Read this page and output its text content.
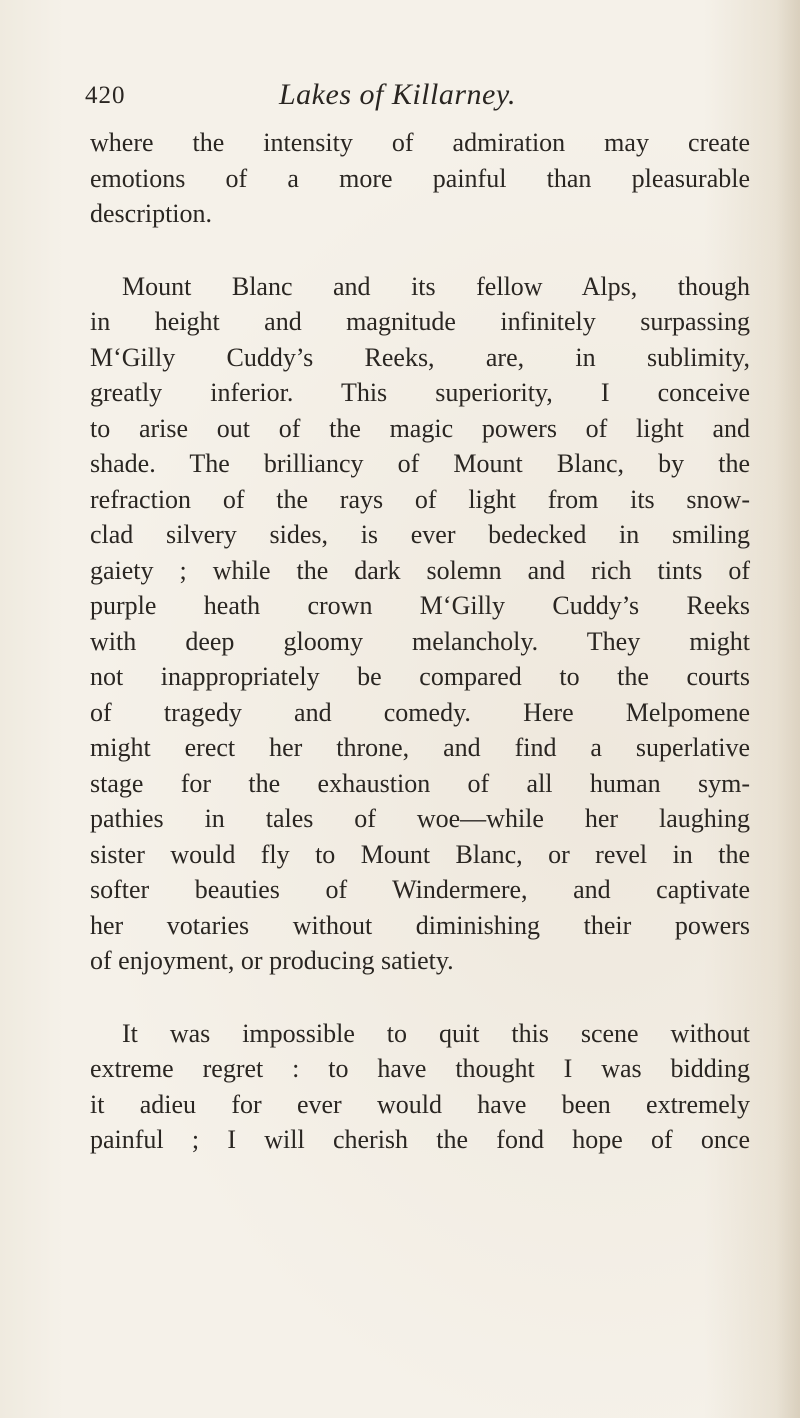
420	Lakes of Killarney.
where the intensity of admiration may create
emotions of a more painful than pleasurable
description.
Mount Blanc and its fellow Alps, though
in height and magnitude infinitely surpassing
M‘Gilly Cuddy’s Reeks, are, in sublimity,
greatly inferior. This superiority, I conceive
to arise out of the magic powers of light and
shade. The brilliancy of Mount Blanc, by the
refraction of the rays of light from its snow-
clad silvery sides, is ever bedecked in smiling
gaiety ; while the dark solemn and rich tints of
purple heath crown M‘Gilly Cuddy’s Reeks
with deep gloomy melancholy. They might
not inappropriately be compared to the courts
of tragedy and comedy. Here Melpomene
might erect her throne, and find a superlative
stage for the exhaustion of all human sym-
pathies in tales of woe—while her laughing
sister would fly to Mount Blanc, or revel in the
softer beauties of Windermere, and captivate
her votaries without diminishing their powers
of enjoyment, or producing satiety.
It was impossible to quit this scene without
extreme regret : to have thought I was bidding
it adieu for ever would have been extremely
painful ; I will cherish the fond hope of once
